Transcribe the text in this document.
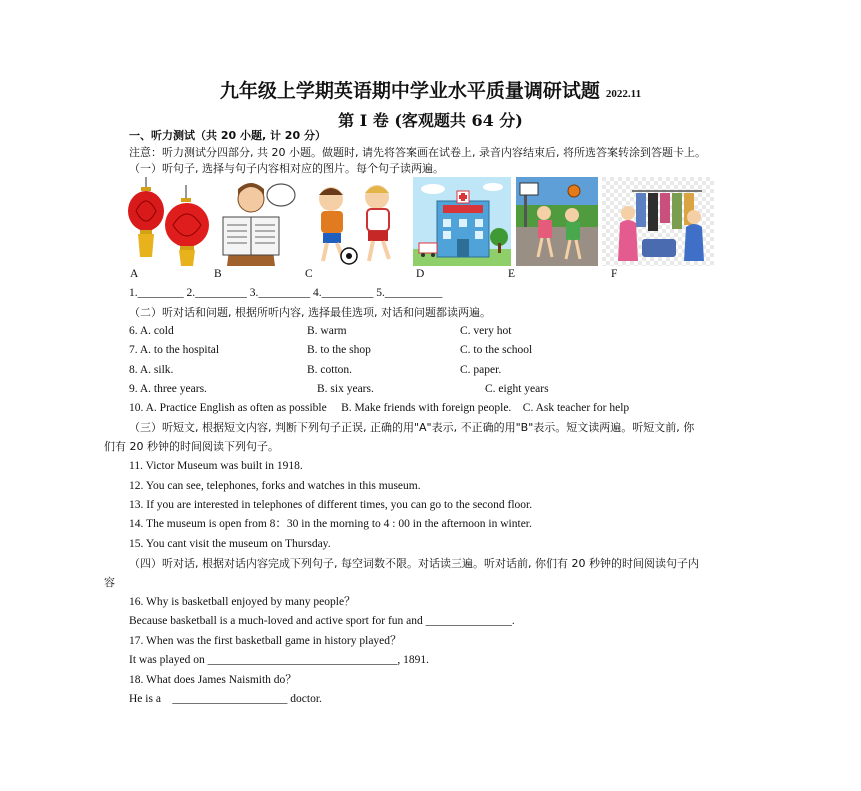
九年级上学期英语期中学业水平质量调研试题 2022.11
第 I 卷 (客观题共 64 分)
一、听力测试（共 20 小题, 计 20 分）
注意：听力测试分四部分, 共 20 小题。做题时, 请先将答案画在试卷上, 录音内容结束后, 将所选答案转涂到答题卡上。
（一）听句子, 选择与句子内容相对应的图片。每个句子读两遍。
A	B	C	D	E	F
1.________ 2._________ 3._________ 4._________ 5.__________
（二）听对话和问题, 根据所听内容, 选择最佳选项, 对话和问题都读两遍。
6. A. cold	B. warm	C. very hot
7. A. to the hospital	B. to the shop	C. to the school
8. A. silk.	B. cotton.	C. paper.
9. A. three years.	B. six years.	C. eight years
10. A. Practice English as often as possible     B. Make friends with foreign people.    C. Ask teacher for help
（三）听短文, 根据短文内容, 判断下列句子正误, 正确的用"A"表示, 不正确的用"B"表示。短文读两遍。听短文前, 你
们有 20 秒钟的时间阅读下列句子。
11. Victor Museum was built in 1918.
12. You can see, telephones, forks and watches in this museum.
13. If you are interested in telephones of different times, you can go to the second floor.
14. The museum is open from 8：30 in the morning to 4 : 00 in the afternoon in winter.
15. You cant visit the museum on Thursday.
（四）听对话, 根据对话内容完成下列句子, 每空词数不限。对话读三遍。听对话前, 你们有 20 秒钟的时间阅读句子内
容
16. Why is basketball enjoyed by many people？
Because basketball is a much-loved and active sport for fun and _______________.
17. When was the first basketball game in history played？
It was played on _________________________________, 1891.
18. What does James Naismith do？
He is a    ____________________ doctor.
